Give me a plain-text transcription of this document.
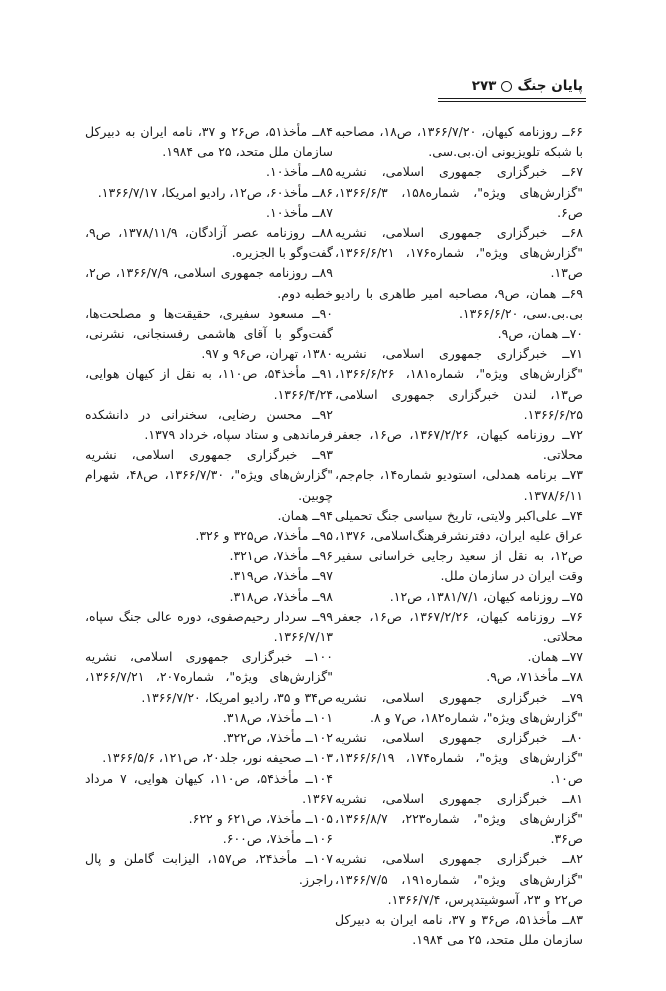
پایان جنگ
۲۷۳

۶۶ــ روزنامه کیهان، ۱۳۶۶/۷/۲۰، ص۱۸، مصاحبه با شبکه تلویزیونی ان.بی.سی.

۶۷ــ خبرگزاری جمهوری اسلامی، نشریه "گزارش‌های ویژه"، شماره۱۵۸، ۱۳۶۶/۶/۳، ص۶.

۶۸ــ خبرگزاری جمهوری اسلامی، نشریه "گزارش‌های ویژه"، شماره۱۷۶، ۱۳۶۶/۶/۲۱، ص۱۳.

۶۹ــ همان، ص۹، مصاحبه امیر طاهری با رادیو بی.بی.سی، ۱۳۶۶/۶/۲۰.

۷۰ــ همان، ص۹.

۷۱ــ خبرگزاری جمهوری اسلامی، نشریه "گزارش‌های ویژه"، شماره۱۸۱، ۱۳۶۶/۶/۲۶، ص۱۳، لندن خبرگزاری جمهوری اسلامی، ۱۳۶۶/۶/۲۵.

۷۲ــ روزنامه کیهان، ۱۳۶۷/۲/۲۶، ص۱۶، جعفر محلاتی.

۷۳ــ برنامه همدلی، استودیو شماره۱۴، جام‌جم، ۱۳۷۸/۶/۱۱.

۷۴ــ علی‌اکبر ولایتی، تاریخ سیاسی جنگ تحمیلی عراق علیه ایران، دفترنشرفرهنگ‌اسلامی، ۱۳۷۶، ص۱۲، به نقل از سعید رجایی خراسانی سفیر وقت ایران در سازمان ملل.

۷۵ــ روزنامه کیهان، ۱۳۸۱/۷/۱، ص۱۲.

۷۶ــ روزنامه کیهان، ۱۳۶۷/۲/۲۶، ص۱۶، جعفر محلاتی.

۷۷ــ همان.

۷۸ــ مأخذ۷۱، ص۹.

۷۹ــ خبرگزاری جمهوری اسلامی، نشریه "گزارش‌های ویژه"، شماره۱۸۲، ص۷ و ۸.

۸۰ــ خبرگزاری جمهوری اسلامی، نشریه "گزارش‌های ویژه"، شماره۱۷۴، ۱۳۶۶/۶/۱۹، ص۱۰.

۸۱ــ خبرگزاری جمهوری اسلامی، نشریه "گزارش‌های ویژه"، شماره۲۲۳، ۱۳۶۶/۸/۷، ص۳۶.

۸۲ــ خبرگزاری جمهوری اسلامی، نشریه "گزارش‌های ویژه"، شماره۱۹۱، ۱۳۶۶/۷/۵، ص۲۲ و ۲۳، آسوشیتدپرس، ۱۳۶۶/۷/۴.

۸۳ــ مأخذ۵۱، ص۳۶ و ۳۷، نامه ایران به دبیرکل سازمان ملل متحد، ۲۵ می ۱۹۸۴.

۸۴ــ مأخذ۵۱، ص۲۶ و ۳۷، نامه ایران به دبیرکل سازمان ملل متحد، ۲۵ می ۱۹۸۴.

۸۵ــ مأخذ۱۰.

۸۶ــ مأخذ۶۰، ص۱۲، رادیو امریکا، ۱۳۶۶/۷/۱۷.

۸۷ــ مأخذ۱۰.

۸۸ــ روزنامه عصر آزادگان، ۱۳۷۸/۱۱/۹، ص۹، گفت‌وگو با الجزیره.

۸۹ــ روزنامه جمهوری اسلامی، ۱۳۶۶/۷/۹، ص۲، خطبه دوم.

۹۰ــ مسعود سفیری، حقیقت‌ها و مصلحت‌ها، گفت‌وگو با آقای هاشمی رفسنجانی، نشرنی، ۱۳۸۰، تهران، ص۹۶ و ۹۷.

۹۱ــ مأخذ۵۴، ص۱۱۰، به نقل از کیهان هوایی، ۱۳۶۶/۴/۲۴.

۹۲ــ محسن رضایی، سخنرانی در دانشکده فرماندهی و ستاد سپاه، خرداد ۱۳۷۹.

۹۳ــ خبرگزاری جمهوری اسلامی، نشریه "گزارش‌های ویژه"، ۱۳۶۶/۷/۳۰، ص۴۸، شهرام چوبین.

۹۴ــ همان.

۹۵ــ مأخذ۷، ص۳۲۵ و ۳۲۶.

۹۶ــ مأخذ۷، ص۳۲۱.

۹۷ــ مأخذ۷، ص۳۱۹.

۹۸ــ مأخذ۷، ص۳۱۸.

۹۹ــ سردار رحیم‌صفوی، دوره عالی جنگ سپاه، ۱۳۶۶/۷/۱۳.

۱۰۰ــ خبرگزاری جمهوری اسلامی، نشریه "گزارش‌های ویژه"، شماره۲۰۷، ۱۳۶۶/۷/۲۱، ص۳۴ و ۳۵، رادیو امریکا، ۱۳۶۶/۷/۲۰.

۱۰۱ــ مأخذ۷، ص۳۱۸.

۱۰۲ــ مأخذ۷، ص۳۲۲.

۱۰۳ــ صحیفه نور، جلد۲۰، ص۱۲۱، ۱۳۶۶/۵/۶.

۱۰۴ــ مأخذ۵۴، ص۱۱۰، کیهان هوایی، ۷ مرداد ۱۳۶۷.

۱۰۵ــ مأخذ۷، ص۶۲۱ و ۶۲۲.

۱۰۶ــ مأخذ۷، ص۶۰۰.

۱۰۷ــ مأخذ۲۴، ص۱۵۷، الیزابت گاملن و پال راجرز.
